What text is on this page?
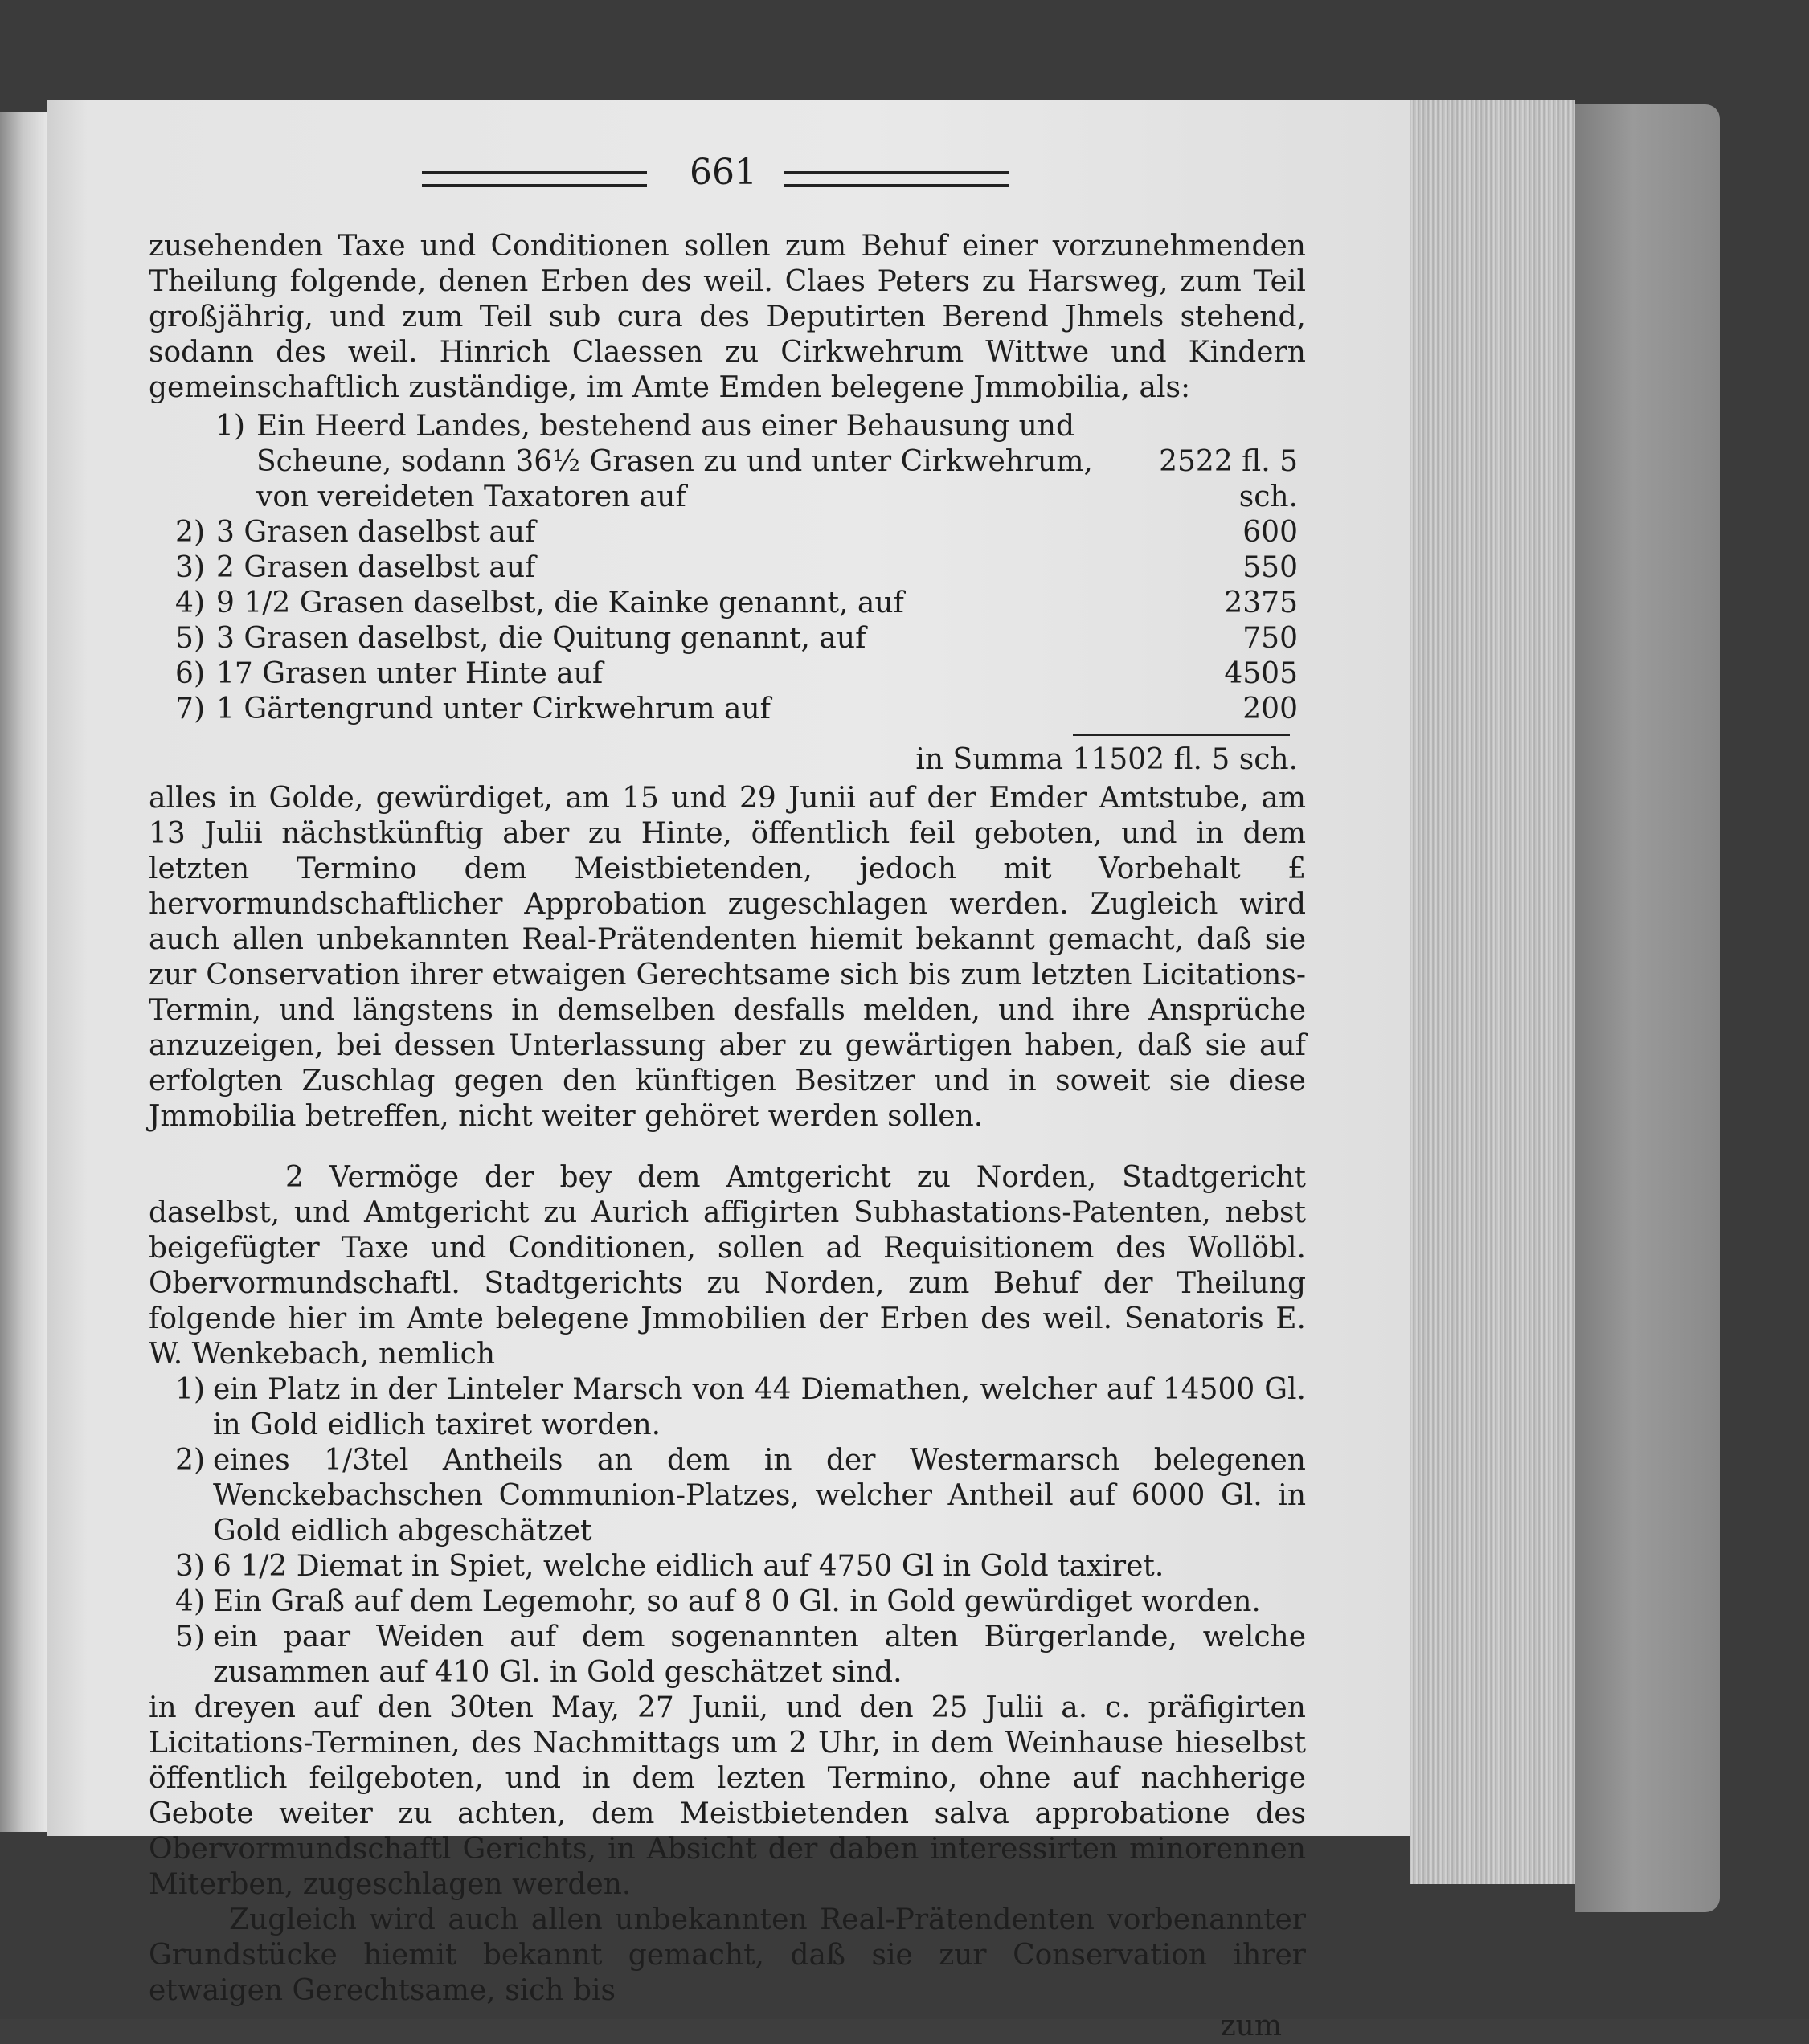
661

zusehenden Taxe und Conditionen sollen zum Behuf einer vorzunehmenden Theilung folgende, denen Erben des weil. Claes Peters zu Harsweg, zum Teil großjährig, und zum Teil sub cura des Deputirten Berend Jhmels stehend, sodann des weil. Hinrich Claessen zu Cirkwehrum Wittwe und Kindern gemeinschaftlich zuständige, im Amte Emden belegene Jmmobilia, als:

1) Ein Heerd Landes, bestehend aus einer Behausung und Scheune, sodann 36½ Grasen zu und unter Cirkwehrum, von vereideten Taxatoren auf
2522 fl. 5 sch.
2) 3 Grasen daselbst auf	600
3) 2 Grasen daselbst auf	550
4) 9 1/2 Grasen daselbst, die Kainke genannt, auf	2375
5) 3 Grasen daselbst, die Quitung genannt, auf	750
6) 17 Grasen unter Hinte auf	4505
7) 1 Gärtengrund unter Cirkwehrum auf	200
in Summa 11502 fl. 5 sch.

alles in Golde, gewürdiget, am 15 und 29 Junii auf der Emder Amtstube, am 13 Julii nächstkünftig aber zu Hinte, öffentlich feil geboten, und in dem letzten Termino dem Meistbietenden, jedoch mit Vorbehalt £ hervormundschaftlicher Approbation zugeschlagen werden. Zugleich wird auch allen unbekannten Real-Prätendenten hiemit bekannt gemacht, daß sie zur Conservation ihrer etwaigen Gerechtsame sich bis zum letzten Licitations-Termin, und längstens in demselben desfalls melden, und ihre Ansprüche anzuzeigen, bei dessen Unterlassung aber zu gewärtigen haben, daß sie auf erfolgten Zuschlag gegen den künftigen Besitzer und in soweit sie diese Jmmobilia betreffen, nicht weiter gehöret werden sollen.

2 Vermöge der bey dem Amtgericht zu Norden, Stadtgericht daselbst, und Amtgericht zu Aurich affigirten Subhastations-Patenten, nebst beigefügter Taxe und Conditionen, sollen ad Requisitionem des Wollöbl. Obervormundschaftl. Stadtgerichts zu Norden, zum Behuf der Theilung folgende hier im Amte belegene Jmmobilien der Erben des weil. Senatoris E. W. Wenkebach, nemlich

1) ein Platz in der Linteler Marsch von 44 Diemathen, welcher auf 14500 Gl. in Gold eidlich taxiret worden.
2) eines 1/3tel Antheils an dem in der Westermarsch belegenen Wenckebachschen Communion-Platzes, welcher Antheil auf 6000 Gl. in Gold eidlich abgeschätzet
3) 6 1/2 Diemat in Spiet, welche eidlich auf 4750 Gl in Gold taxiret.
4) Ein Graß auf dem Legemohr, so auf 8 0 Gl. in Gold gewürdiget worden.
5) ein paar Weiden auf dem sogenannten alten Bürgerlande, welche zusammen auf 410 Gl. in Gold geschätzet sind.

in dreyen auf den 30ten May, 27 Junii, und den 25 Julii a. c. präfigirten Licitations-Terminen, des Nachmittags um 2 Uhr, in dem Weinhause hieselbst öffentlich feilgeboten, und in dem lezten Termino, ohne auf nachherige Gebote weiter zu achten, dem Meistbietenden salva approbatione des Obervormundschaftl Gerichts, in Absicht der daben interessirten minorennen Miterben, zugeschlagen werden.

Zugleich wird auch allen unbekannten Real-Prätendenten vorbenannter Grundstücke hiemit bekannt gemacht, daß sie zur Conservation ihrer etwaigen Gerechtsame, sich bis

zum
